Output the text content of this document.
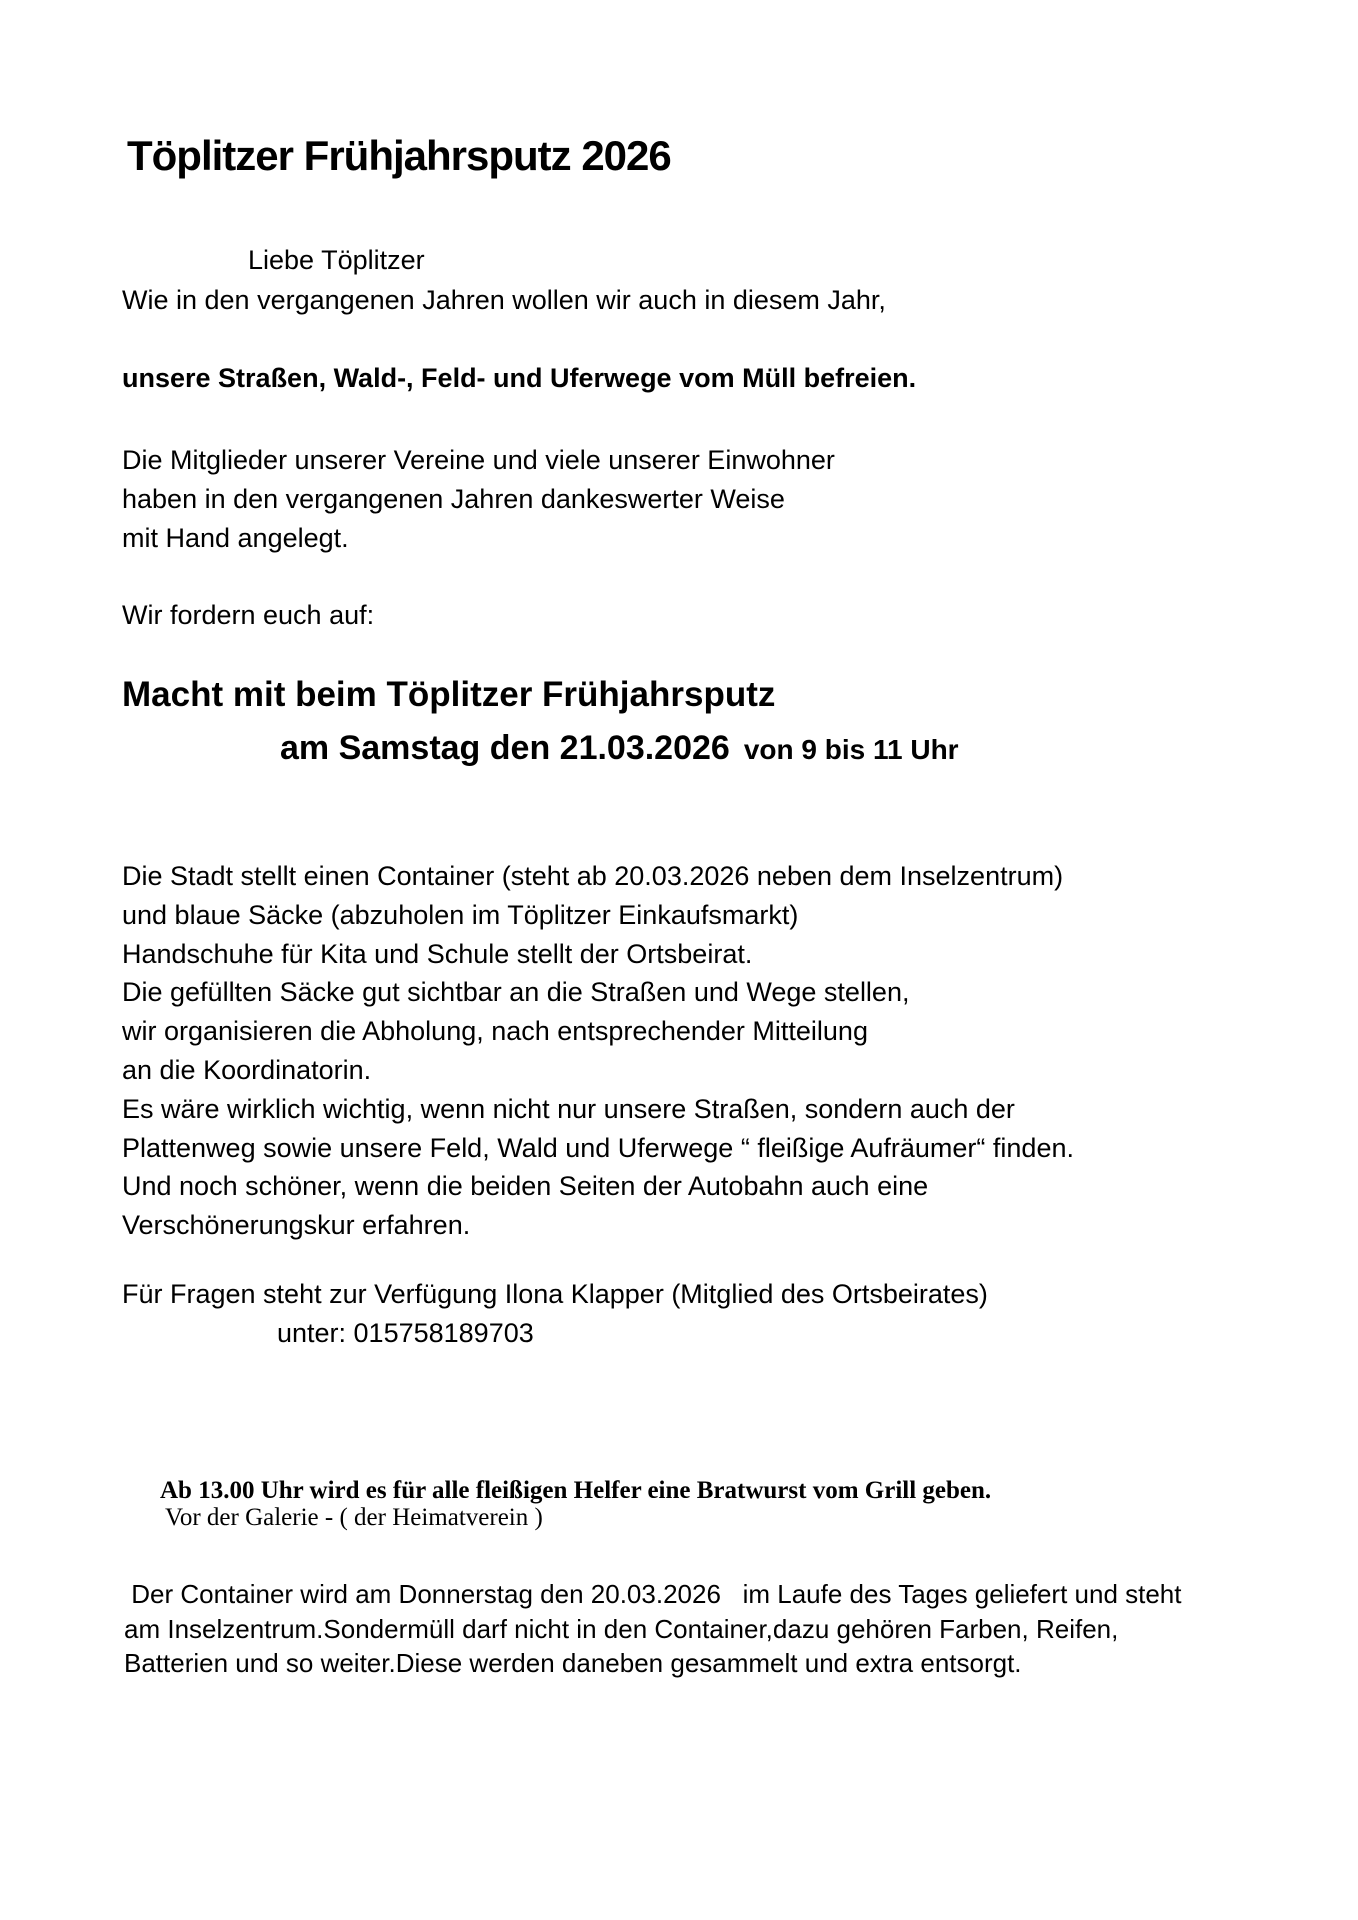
Töplitzer Frühjahrsputz 2026
Liebe Töplitzer
Wie in den vergangenen Jahren wollen wir auch in diesem Jahr,
unsere Straßen, Wald-, Feld- und Uferwege vom Müll befreien.
Die Mitglieder unserer Vereine und viele unserer Einwohner
haben in den vergangenen Jahren dankeswerter Weise
mit Hand angelegt.
Wir fordern euch auf:
Macht mit beim Töplitzer Frühjahrsputz
am Samstag den 21.03.2026 von 9 bis 11 Uhr
Die Stadt stellt einen Container (steht ab 20.03.2026 neben dem Inselzentrum)
und blaue Säcke (abzuholen im Töplitzer Einkaufsmarkt)
Handschuhe für Kita und Schule stellt der Ortsbeirat.
Die gefüllten Säcke gut sichtbar an die Straßen und Wege stellen,
wir organisieren die Abholung, nach entsprechender Mitteilung
an die Koordinatorin.
Es wäre wirklich wichtig, wenn nicht nur unsere Straßen, sondern auch der
Plattenweg sowie unsere Feld, Wald und Uferwege “ fleißige Aufräumer“ finden.
Und noch schöner, wenn die beiden Seiten der Autobahn auch eine
Verschönerungskur erfahren.
Für Fragen steht zur Verfügung Ilona Klapper (Mitglied des Ortsbeirates)
unter: 015758189703
Ab 13.00 Uhr wird es für alle fleißigen Helfer eine Bratwurst vom Grill geben.
Vor der Galerie - ( der Heimatverein )
Der Container wird am Donnerstag den 20.03.2026   im Laufe des Tages geliefert und steht
am Inselzentrum.Sondermüll darf nicht in den Container,dazu gehören Farben, Reifen,
Batterien und so weiter.Diese werden daneben gesammelt und extra entsorgt.
